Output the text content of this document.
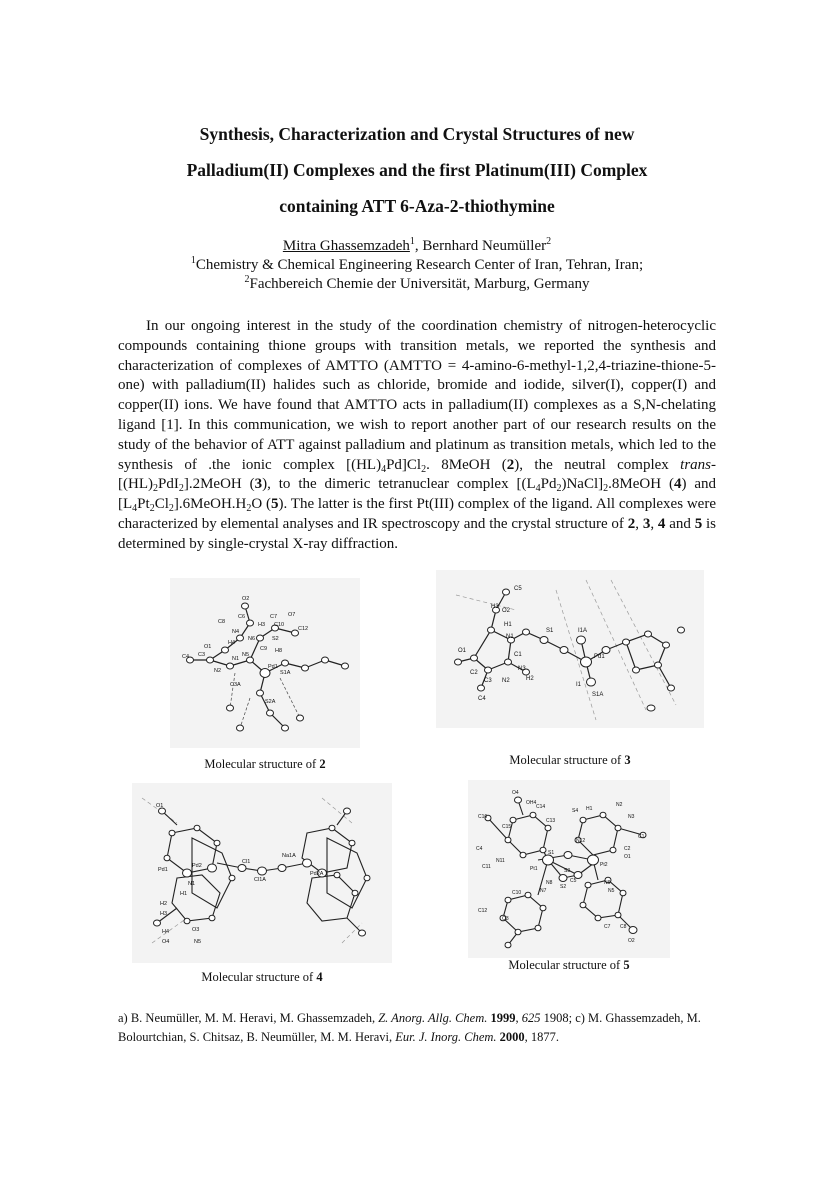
Synthesis, Characterization and Crystal Structures of new
Palladium(II) Complexes and the first Platinum(III) Complex
containing ATT 6-Aza-2-thiothymine
Mitra Ghassemzadeh$^1$, Bernhard Neumüller$^2$
$^1$Chemistry & Chemical Engineering Research Center of Iran, Tehran, Iran;
$^2$Fachbereich Chemie der Universität, Marburg, Germany

In our ongoing interest in the study of the coordination chemistry of nitrogen-heterocyclic compounds containing thione groups with transition metals, we reported the synthesis and characterization of complexes of AMTTO (AMTTO = 4-amino-6-methyl-1,2,4-triazine-thione-5-one) with palladium(II) halides such as chloride, bromide and iodide, silver(I), copper(I) and copper(II) ions. We have found that AMTTO acts in palladium(II) complexes as a S,N-chelating ligand [1]. In this communication, we wish to report another part of our research results on the study of the behavior of ATT against palladium and platinum as transition metals, which led to the synthesis of .the ionic complex $[(HL)_4Pd]Cl_2$. 8MeOH (2), the neutral complex trans-$[(HL)_2PdI_2].2MeOH$ (3), to the dimeric tetranuclear complex $[(L_4Pd_2)NaCl]_2.8MeOH$ (4) and $[L_4Pt_2Cl_2].6MeOH.H_2O$ (5). The latter is the first Pt(III) complex of the ligand. All complexes were characterized by elemental analyses and IR spectroscopy and the crystal structure of 2, 3, 4 and 5 is determined by single-crystal X-ray diffraction.

O2
C6
C8	H3
C7
N4
O7
C12
N6	S2
H8
H4
N5
N1
C9
C10
Pd1
S1A
S2A
C4 C3
N2
O1
C3A
Molecular structure of 2
C5
H3
O2
H1
N1
S1	I1A
O1
C1	Pd1
C2
N3
H2
I1
S1A
C3 N2
C4
Molecular structure of 3
O1
Pd1
Pd2
Cl1
Na1A
Pd2A
Cl1A
N1
H1
H2
H3
O3
N5
H4
O4
Molecular structure of 4
O4
OH4
C14
C16
C15
C13
S4 H1
N3
N2
C1
C4
N11
N12
Pt1
S1
Pt2
C2
O1
C11
S3
N8	C5	N6
N5
C10	N7
S2
C8
C7
C12
O3
O2
Molecular structure of 5

a) B. Neumüller, M. M. Heravi, M. Ghassemzadeh, Z. Anorg. Allg. Chem. 1999, 625 1908; c) M. Ghassemzadeh, M. Bolourtchian, S. Chitsaz, B. Neumüller, M. M. Heravi, Eur. J. Inorg. Chem. 2000, 1877.
